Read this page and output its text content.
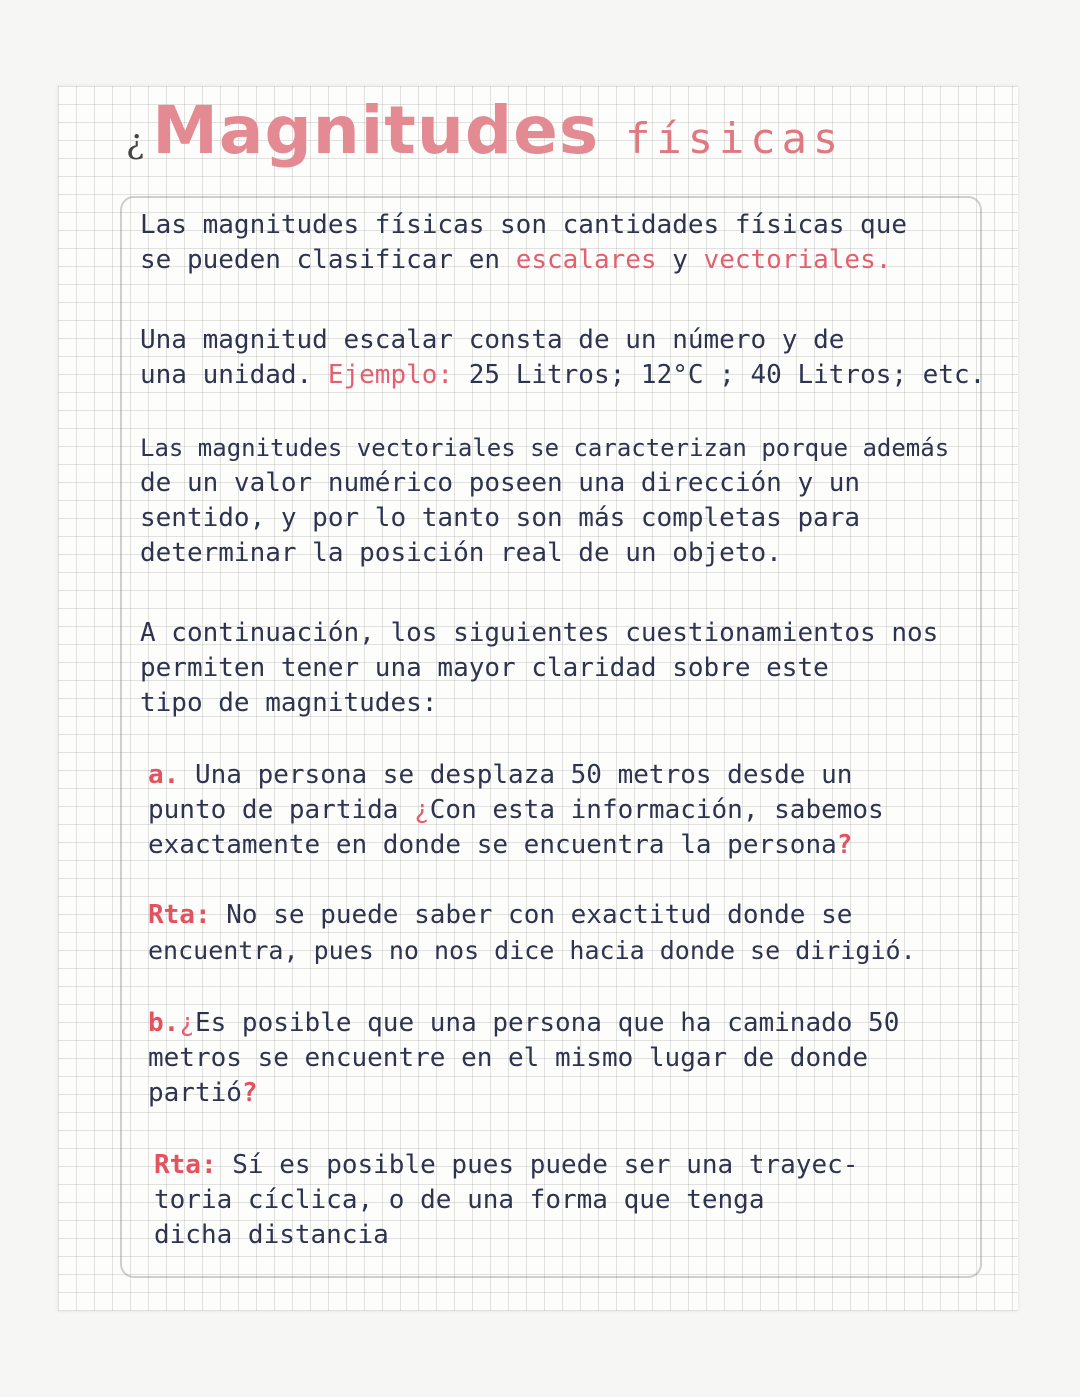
¿ Magnitudes físicas
Las magnitudes físicas son cantidades físicas que
se pueden clasificar en escalares y vectoriales.
Una magnitud escalar consta de un número y de
una unidad. Ejemplo: 25 Litros; 12°C ; 40 Litros; etc.
Las magnitudes vectoriales se caracterizan porque además
de un valor numérico poseen una dirección y un
sentido, y por lo tanto son más completas para
determinar la posición real de un objeto.
A continuación, los siguientes cuestionamientos nos
permiten tener una mayor claridad sobre este
tipo de magnitudes:
a. Una persona se desplaza 50 metros desde un
punto de partida ¿Con esta información, sabemos
exactamente en donde se encuentra la persona?
Rta: No se puede saber con exactitud donde se
encuentra, pues no nos dice hacia donde se dirigió.
b.¿Es posible que una persona que ha caminado 50
metros se encuentre en el mismo lugar de donde
partió?
Rta: Sí es posible pues puede ser una trayec-
toria cíclica, o de una forma que tenga
dicha distancia
